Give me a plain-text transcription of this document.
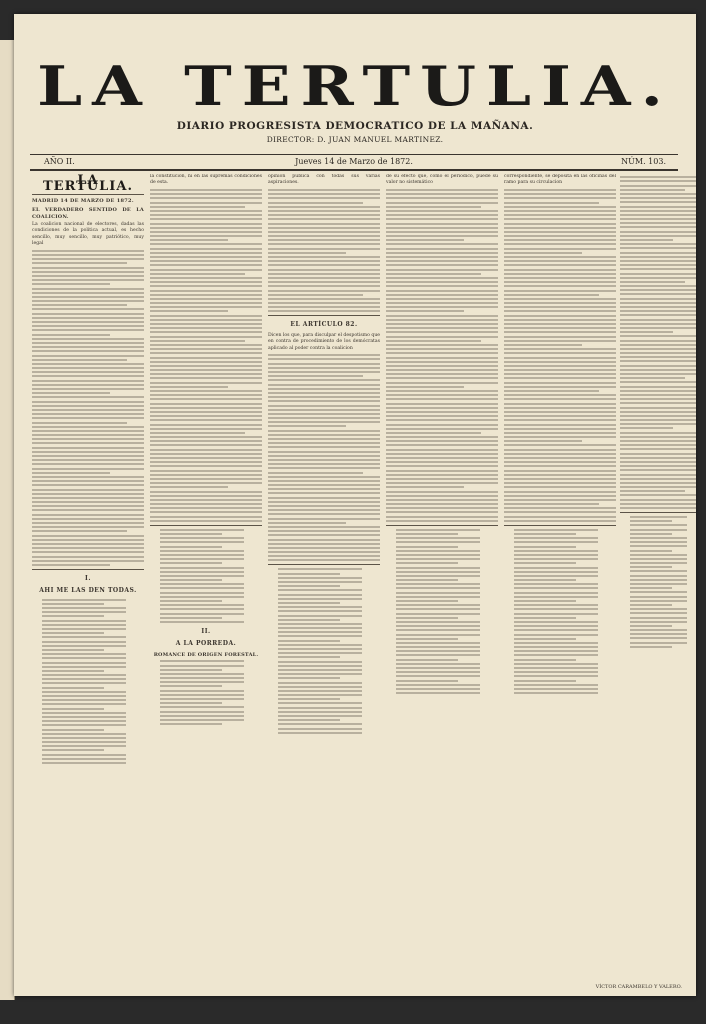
LA TERTULIA.
DIARIO PROGRESISTA DEMOCRATICO DE LA MAÑANA.
DIRECTOR: D. JUAN MANUEL MARTINEZ.
AÑO II.	Jueves 14 de Marzo de 1872.	NÚM. 103.
LA TERTULIA.
MADRID 14 DE MARZO DE 1872.
EL VERDADERO SENTIDO DE LA COALICION.
La coalicion nacional de electores, dadas las condiciones de la politica actual, es hecho sencillo, muy sencillo, muy patriótico, muy legal
I.
AHI ME LAS DEN TODAS.
la constitucion, ni en las supremas condiciones de esta.
II.
A LA PORREDA.
ROMANCE DE ORIGEN FORESTAL.
opinion pública con todas sus varias aspiraciones.
EL ARTÍCULO 82.
Dicen los que, para disculpar el despotismo que en contra de procedimiento de los demócratas aplicado al poder contra la coalicion
de su efecto que, como el periódico, puede su valor no sistemático
correspondiente, se deposita en las oficinas del ramo para su circulacion
VÍCTOR CARAMBELO Y VALERO.
